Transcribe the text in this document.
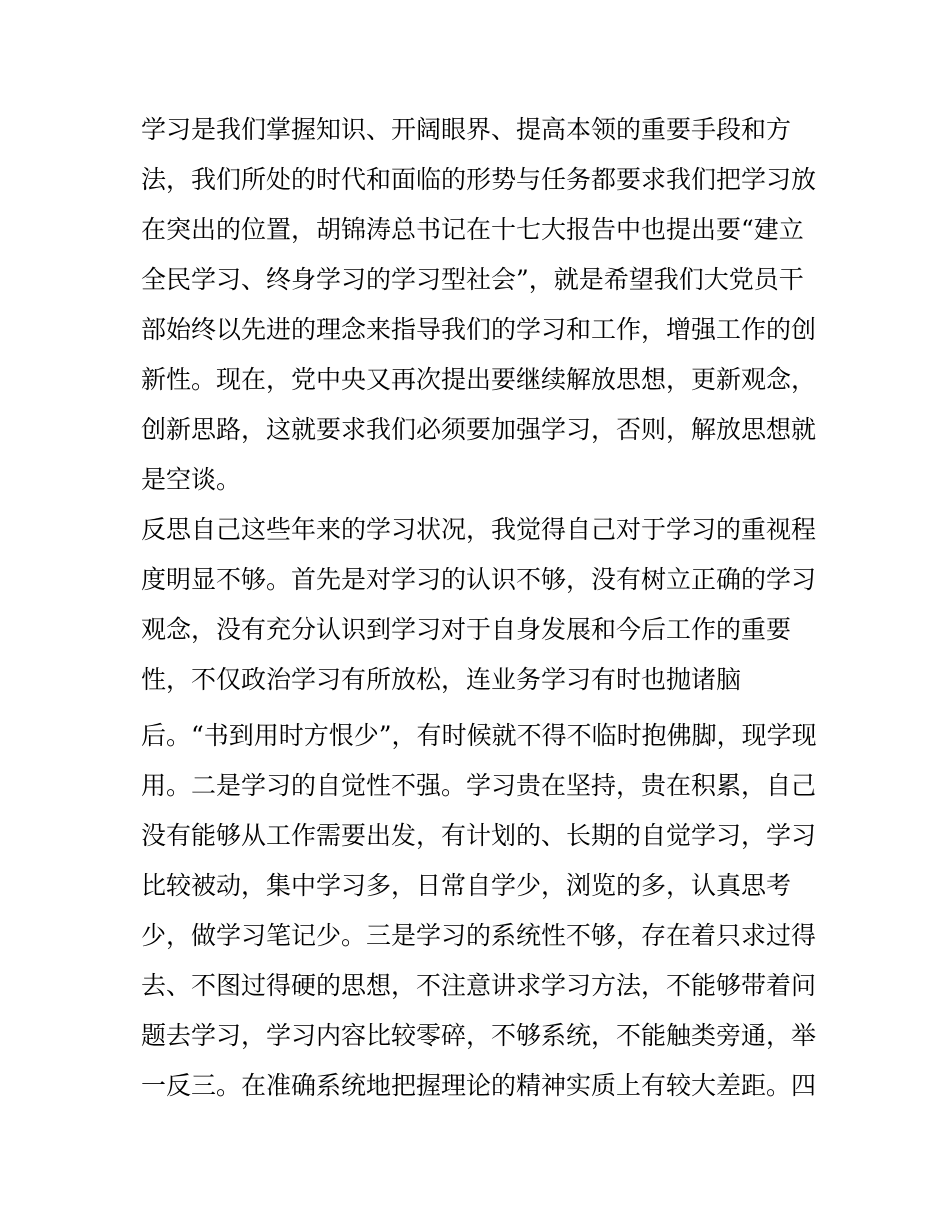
学习是我们掌握知识、开阔眼界、提高本领的重要手段和方
法，我们所处的时代和面临的形势与任务都要求我们把学习放
在突出的位置，胡锦涛总书记在十七大报告中也提出要“建立
全民学习、终身学习的学习型社会”，就是希望我们大党员干
部始终以先进的理念来指导我们的学习和工作，增强工作的创
新性。现在，党中央又再次提出要继续解放思想，更新观念，
创新思路，这就要求我们必须要加强学习，否则，解放思想就
是空谈。
反思自己这些年来的学习状况，我觉得自己对于学习的重视程
度明显不够。首先是对学习的认识不够，没有树立正确的学习
观念，没有充分认识到学习对于自身发展和今后工作的重要
性，不仅政治学习有所放松，连业务学习有时也抛诸脑
后。“书到用时方恨少”，有时候就不得不临时抱佛脚，现学现
用。二是学习的自觉性不强。学习贵在坚持，贵在积累，自己
没有能够从工作需要出发，有计划的、长期的自觉学习，学习
比较被动，集中学习多，日常自学少，浏览的多，认真思考
少，做学习笔记少。三是学习的系统性不够，存在着只求过得
去、不图过得硬的思想，不注意讲求学习方法，不能够带着问
题去学习，学习内容比较零碎，不够系统，不能触类旁通，举
一反三。在准确系统地把握理论的精神实质上有较大差距。四
